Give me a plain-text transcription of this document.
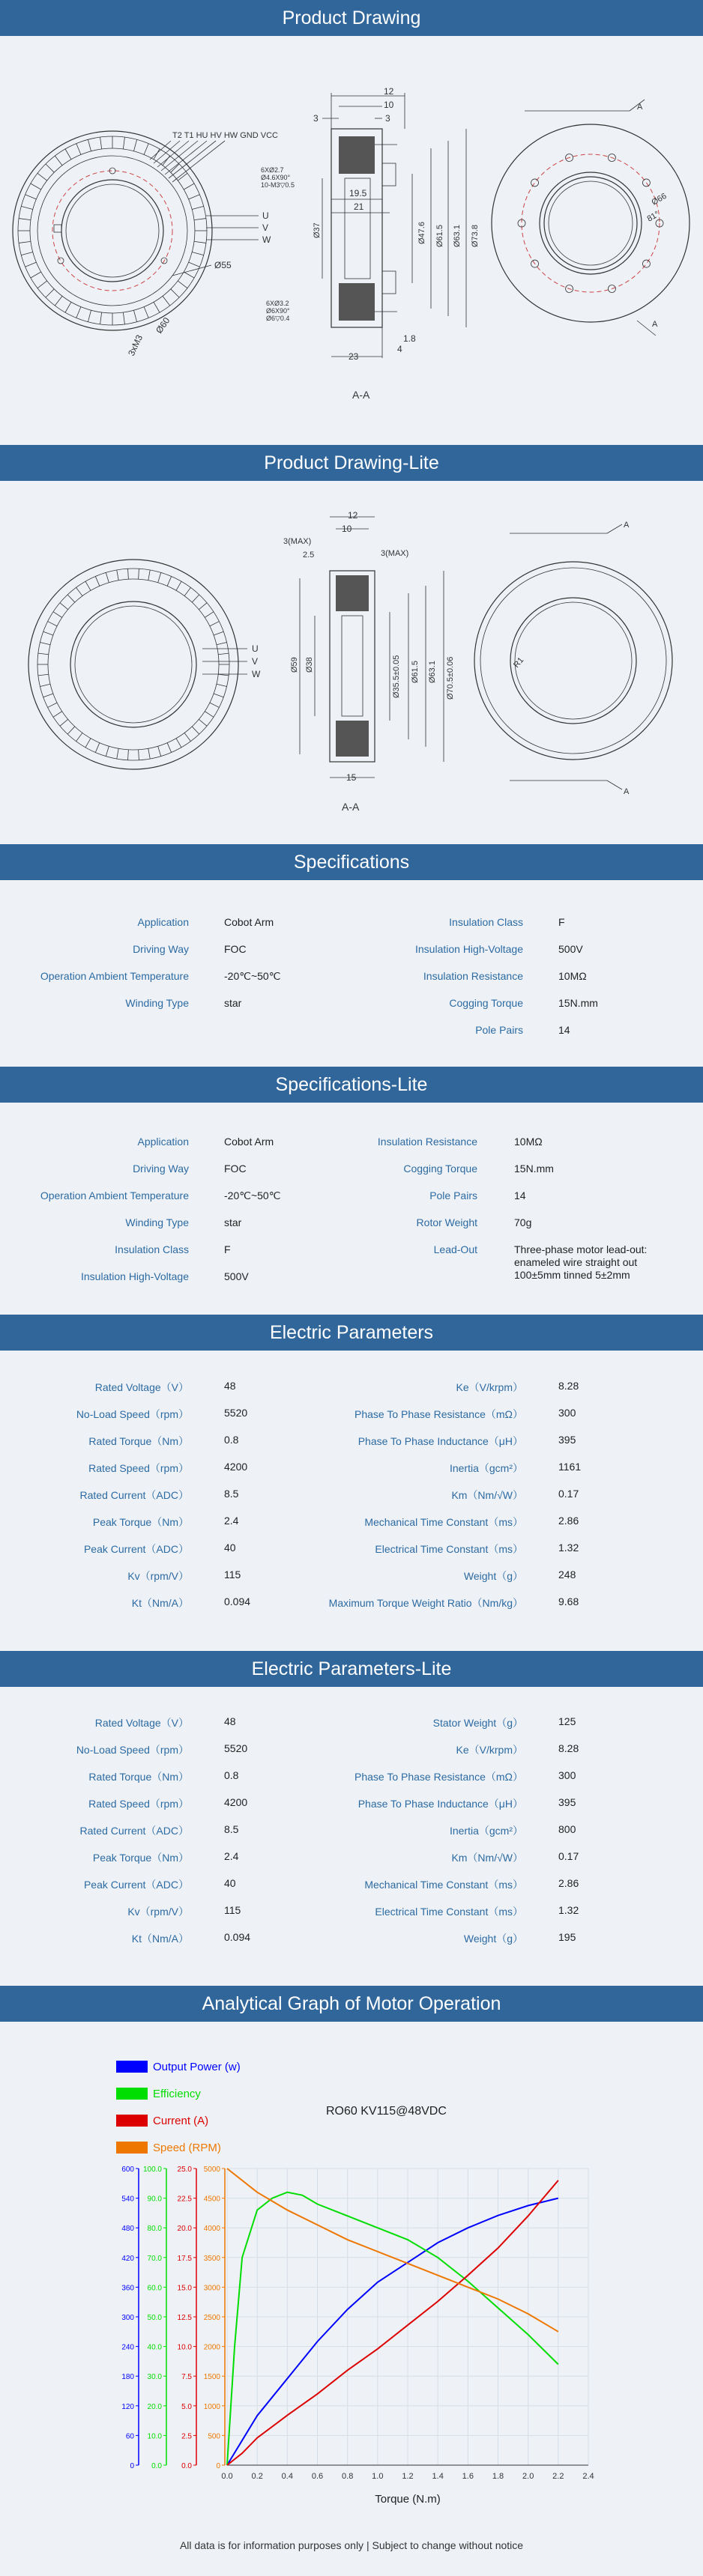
Product Drawing
Product Drawing-Lite
Specifications
Specifications-Lite
Electric Parameters
Electric Parameters-Lite
Analytical Graph of Motor Operation
T2 T1 HU HV HW GND VCC
U
V
W
Ø55
Ø60
3xM3
6XØ2.7
Ø4.6X90°
10-M3▽0.5
6XØ3.2
Ø6X90°
Ø6▽0.4
12
10
3
3
19.5
21
Ø37	Ø47.6 Ø61.5 Ø63.1 Ø73.8
1.8
4
23
A-A
A
A
Ø66
81°
U
V
W
12
10
2.5
3(MAX)
3(MAX)
Ø59 Ø38	Ø35.5±0.05 Ø61.5 Ø63.1 Ø70.5±0.06
15
A-A
A
A
R1
Application	Cobot Arm
Driving Way	FOC
Operation Ambient Temperature	-20℃~50℃
Winding Type	star
Insulation Class	F
Insulation High-Voltage	500V
Insulation Resistance	10MΩ
Cogging Torque	15N.mm
Pole Pairs	14
Application	Cobot Arm
Driving Way	FOC
Operation Ambient Temperature	-20℃~50℃
Winding Type	star
Insulation Class	F
Insulation High-Voltage	500V
Insulation Resistance	10MΩ
Cogging Torque	15N.mm
Pole Pairs	14
Rotor Weight	70g
Lead-Out	Three-phase motor lead-out:
enameled wire straight out
100±5mm tinned 5±2mm
Rated Voltage（V）	48
No-Load Speed（rpm）	5520
Rated Torque（Nm）	0.8
Rated Speed（rpm）	4200
Rated Current（ADC）	8.5
Peak Torque（Nm）	2.4
Peak Current（ADC）	40
Kv（rpm/V）	115
Kt（Nm/A）	0.094
Ke（V/krpm）	8.28
Phase To Phase Resistance（mΩ）	300
Phase To Phase Inductance（μH）	395
Inertia（gcm²）	1161
Km（Nm/√W）	0.17
Mechanical Time Constant（ms）	2.86
Electrical Time Constant（ms）	1.32
Weight（g）	248
Maximum Torque Weight Ratio（Nm/kg）	9.68
Rated Voltage（V）	48
No-Load Speed（rpm）	5520
Rated Torque（Nm）	0.8
Rated Speed（rpm）	4200
Rated Current（ADC）	8.5
Peak Torque（Nm）	2.4
Peak Current（ADC）	40
Kv（rpm/V）	115
Kt（Nm/A）	0.094
Stator Weight（g）	125
Ke（V/krpm）	8.28
Phase To Phase Resistance（mΩ）	300
Phase To Phase Inductance（μH）	395
Inertia（gcm²）	800
Km（Nm/√W）	0.17
Mechanical Time Constant（ms）	2.86
Electrical Time Constant（ms）	1.32
Weight（g）	195
Output Power (w)
Efficiency
Current (A)
Speed (RPM)
RO60 KV115@48VDC
0.0 0.2 0.4 0.6 0.8 1.0 1.2 1.4 1.6 1.8 2.0 2.2 2.4
Torque (N.m)
0
60
120
180
240
300
360
420
480
540
600
0.0
10.0
20.0
30.0
40.0
50.0
60.0
70.0
80.0
90.0
100.0
0.0
2.5
5.0
7.5
10.0
12.5
15.0
17.5
20.0
22.5
25.0
0
500
1000
1500
2000
2500
3000
3500
4000
4500
5000
All data is for information purposes only | Subject to change without notice
